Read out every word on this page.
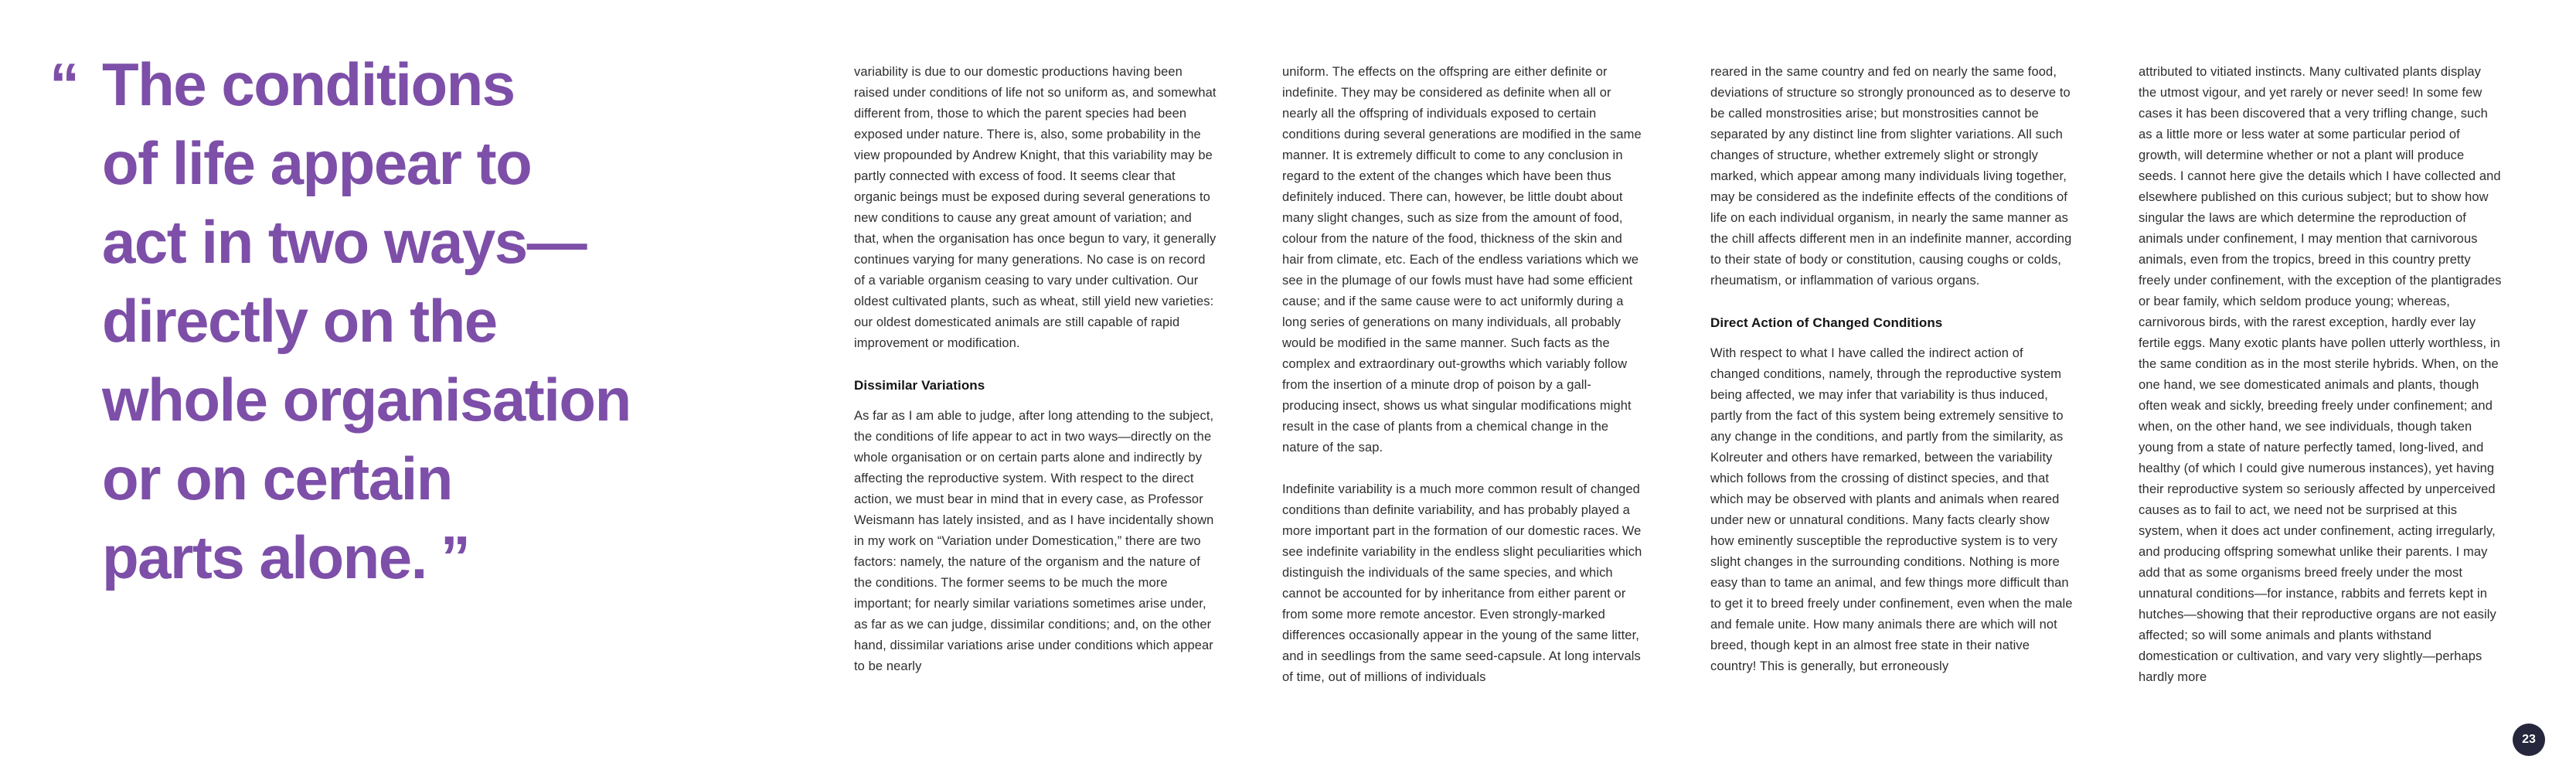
“ The conditions
of life appear to
act in two ways—
directly on the
whole organisation
or on certain
parts alone. ”

variability is due to our domestic productions having been raised under conditions of life not so uniform as, and somewhat different from, those to which the parent species had been exposed under nature. There is, also, some probability in the view propounded by Andrew Knight, that this variability may be partly connected with excess of food. It seems clear that organic beings must be exposed during several generations to new conditions to cause any great amount of variation; and that, when the organisation has once begun to vary, it generally continues varying for many generations. No case is on record of a variable organism ceasing to vary under cultivation. Our oldest cultivated plants, such as wheat, still yield new varieties: our oldest domesticated animals are still capable of rapid improvement or modification.

Dissimilar Variations

As far as I am able to judge, after long attending to the subject, the conditions of life appear to act in two ways—directly on the whole organisation or on certain parts alone and indirectly by affecting the reproductive system. With respect to the direct action, we must bear in mind that in every case, as Professor Weismann has lately insisted, and as I have incidentally shown in my work on “Variation under Domestication,” there are two factors: namely, the nature of the organism and the nature of the conditions. The former seems to be much the more important; for nearly similar variations sometimes arise under, as far as we can judge, dissimilar conditions; and, on the other hand, dissimilar variations arise under conditions which appear to be nearly

uniform. The effects on the offspring are either definite or indefinite. They may be considered as definite when all or nearly all the offspring of individuals exposed to certain conditions during several generations are modified in the same manner. It is extremely difficult to come to any conclusion in regard to the extent of the changes which have been thus definitely induced. There can, however, be little doubt about many slight changes, such as size from the amount of food, colour from the nature of the food, thickness of the skin and hair from climate, etc. Each of the endless variations which we see in the plumage of our fowls must have had some efficient cause; and if the same cause were to act uniformly during a long series of generations on many individuals, all probably would be modified in the same manner. Such facts as the complex and extraordinary out-growths which variably follow from the insertion of a minute drop of poison by a gall-producing insect, shows us what singular modifications might result in the case of plants from a chemical change in the nature of the sap.

Indefinite variability is a much more common result of changed conditions than definite variability, and has probably played a more important part in the formation of our domestic races. We see indefinite variability in the endless slight peculiarities which distinguish the individuals of the same species, and which cannot be accounted for by inheritance from either parent or from some more remote ancestor. Even strongly-marked differences occasionally appear in the young of the same litter, and in seedlings from the same seed-capsule. At long intervals of time, out of millions of individuals

reared in the same country and fed on nearly the same food, deviations of structure so strongly pronounced as to deserve to be called monstrosities arise; but monstrosities cannot be separated by any distinct line from slighter variations. All such changes of structure, whether extremely slight or strongly marked, which appear among many individuals living together, may be considered as the indefinite effects of the conditions of life on each individual organism, in nearly the same manner as the chill affects different men in an indefinite manner, according to their state of body or constitution, causing coughs or colds, rheumatism, or inflammation of various organs.

Direct Action of Changed Conditions

With respect to what I have called the indirect action of changed conditions, namely, through the reproductive system being affected, we may infer that variability is thus induced, partly from the fact of this system being extremely sensitive to any change in the conditions, and partly from the similarity, as Kolreuter and others have remarked, between the variability which follows from the crossing of distinct species, and that which may be observed with plants and animals when reared under new or unnatural conditions. Many facts clearly show how eminently susceptible the reproductive system is to very slight changes in the surrounding conditions. Nothing is more easy than to tame an animal, and few things more difficult than to get it to breed freely under confinement, even when the male and female unite. How many animals there are which will not breed, though kept in an almost free state in their native country! This is generally, but erroneously

attributed to vitiated instincts. Many cultivated plants display the utmost vigour, and yet rarely or never seed! In some few cases it has been discovered that a very trifling change, such as a little more or less water at some particular period of growth, will determine whether or not a plant will produce seeds. I cannot here give the details which I have collected and elsewhere published on this curious subject; but to show how singular the laws are which determine the reproduction of animals under confinement, I may mention that carnivorous animals, even from the tropics, breed in this country pretty freely under confinement, with the exception of the plantigrades or bear family, which seldom produce young; whereas, carnivorous birds, with the rarest exception, hardly ever lay fertile eggs. Many exotic plants have pollen utterly worthless, in the same condition as in the most sterile hybrids. When, on the one hand, we see domesticated animals and plants, though often weak and sickly, breeding freely under confinement; and when, on the other hand, we see individuals, though taken young from a state of nature perfectly tamed, long-lived, and healthy (of which I could give numerous instances), yet having their reproductive system so seriously affected by unperceived causes as to fail to act, we need not be surprised at this system, when it does act under confinement, acting irregularly, and producing offspring somewhat unlike their parents. I may add that as some organisms breed freely under the most unnatural conditions—for instance, rabbits and ferrets kept in hutches—showing that their reproductive organs are not easily affected; so will some animals and plants withstand domestication or cultivation, and vary very slightly—perhaps hardly more

23
